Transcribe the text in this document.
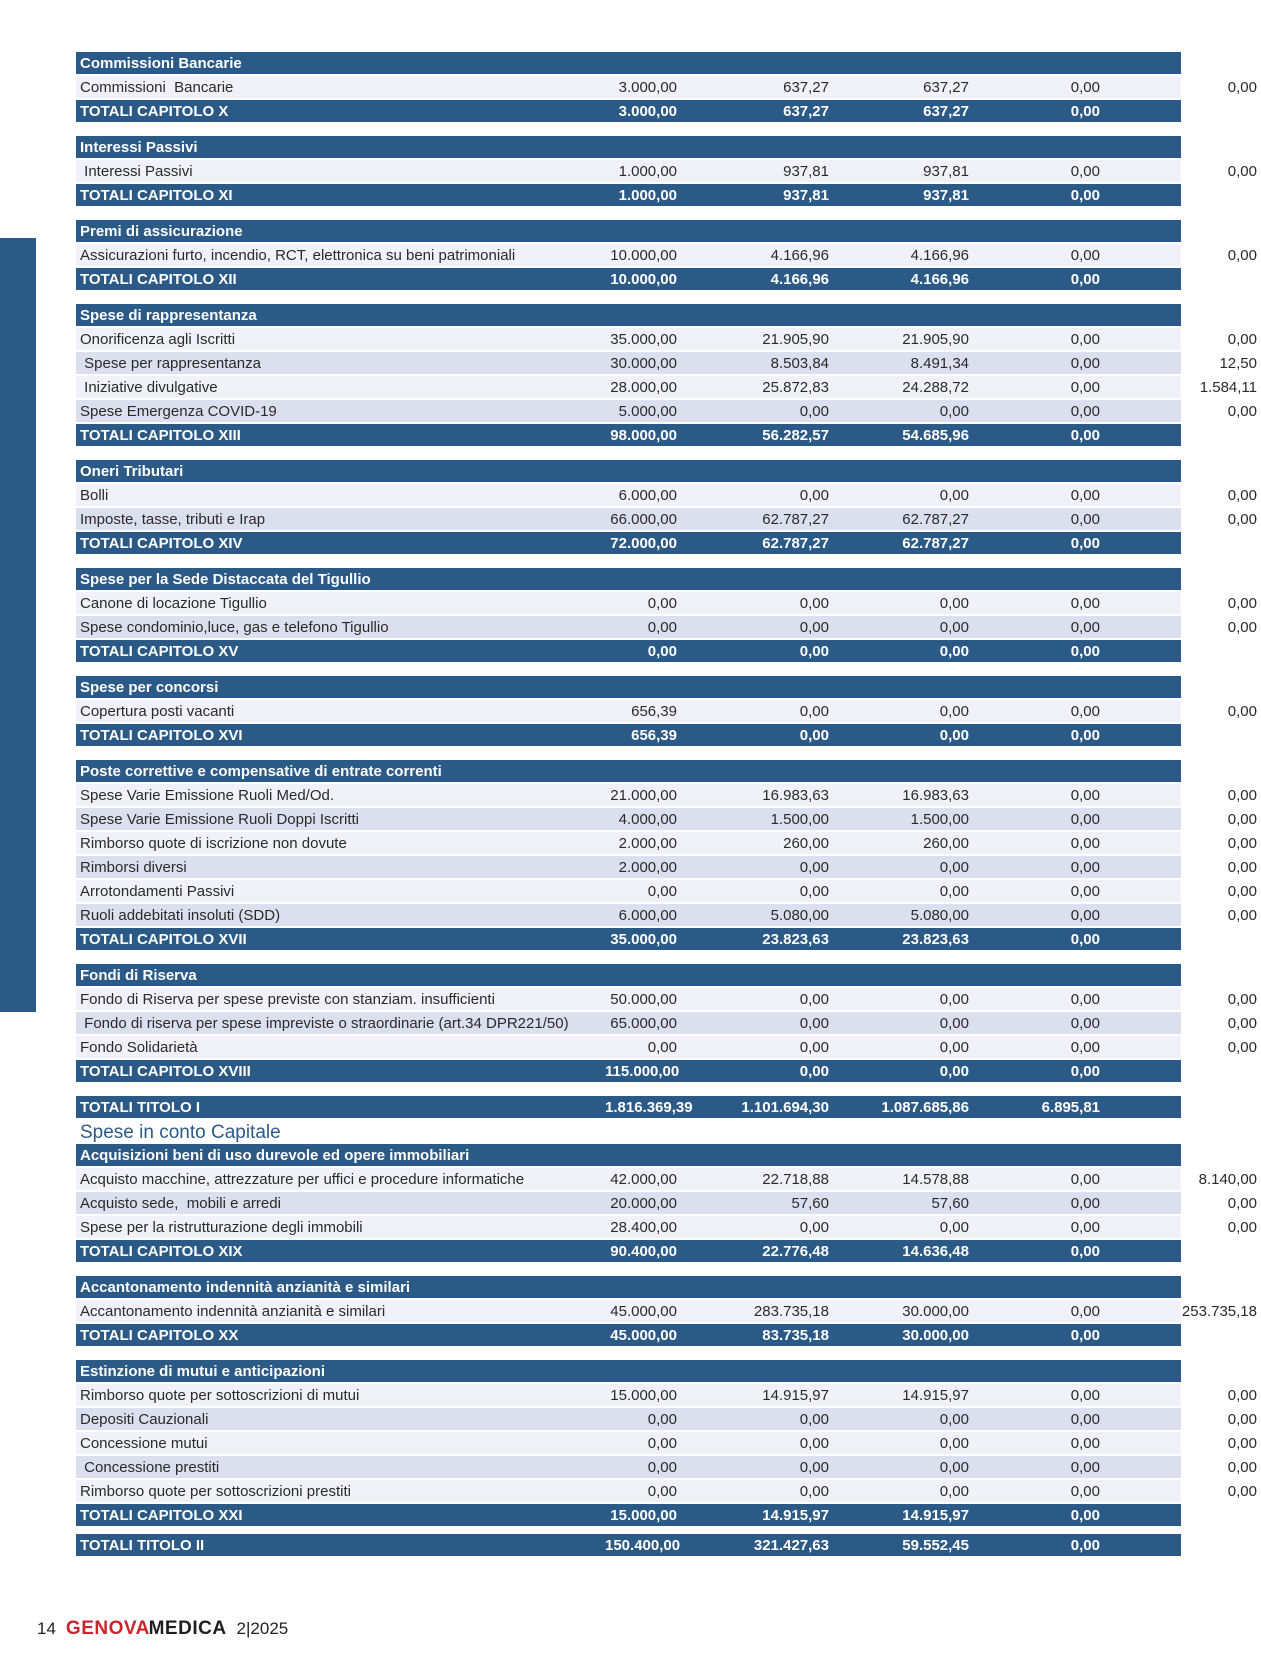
Commissioni Bancarie
Commissioni  Bancarie	3.000,00	637,27	637,27	0,00	0,00
TOTALI CAPITOLO X	3.000,00	637,27	637,27	0,00	0,00
Interessi Passivi
Interessi Passivi	1.000,00	937,81	937,81	0,00	0,00
TOTALI CAPITOLO XI	1.000,00	937,81	937,81	0,00	0,00
Premi di assicurazione
Assicurazioni furto, incendio, RCT, elettronica su beni patrimoniali	10.000,00	4.166,96	4.166,96	0,00	0,00
TOTALI CAPITOLO XII	10.000,00	4.166,96	4.166,96	0,00	0,00
Spese di rappresentanza
Onorificenza agli Iscritti	35.000,00	21.905,90	21.905,90	0,00	0,00
Spese per rappresentanza	30.000,00	8.503,84	8.491,34	0,00	12,50
Iniziative divulgative	28.000,00	25.872,83	24.288,72	0,00	1.584,11
Spese Emergenza COVID-19	5.000,00	0,00	0,00	0,00	0,00
TOTALI CAPITOLO XIII	98.000,00	56.282,57	54.685,96	0,00	1.596,61
Oneri Tributari
Bolli	6.000,00	0,00	0,00	0,00	0,00
Imposte, tasse, tributi e Irap	66.000,00	62.787,27	62.787,27	0,00	0,00
TOTALI CAPITOLO XIV	72.000,00	62.787,27	62.787,27	0,00	+0,00
Spese per la Sede Distaccata del Tigullio
Canone di locazione Tigullio	0,00	0,00	0,00	0,00	0,00
Spese condominio,luce, gas e telefono Tigullio	0,00	0,00	0,00	0,00	0,00
TOTALI CAPITOLO XV	0,00	0,00	0,00	0,00	0,00
Spese per concorsi
Copertura posti vacanti	656,39	0,00	0,00	0,00	0,00
TOTALI CAPITOLO XVI	656,39	0,00	0,00	0,00	0,00
Poste correttive e compensative di entrate correnti
Spese Varie Emissione Ruoli Med/Od.	21.000,00	16.983,63	16.983,63	0,00	0,00
Spese Varie Emissione Ruoli Doppi Iscritti	4.000,00	1.500,00	1.500,00	0,00	0,00
Rimborso quote di iscrizione non dovute	2.000,00	260,00	260,00	0,00	0,00
Rimborsi diversi	2.000,00	0,00	0,00	0,00	0,00
Arrotondamenti Passivi	0,00	0,00	0,00	0,00	0,00
Ruoli addebitati insoluti (SDD)	6.000,00	5.080,00	5.080,00	0,00	0,00
TOTALI CAPITOLO XVII	35.000,00	23.823,63	23.823,63	0,00	0,00
Fondi di Riserva
Fondo di Riserva per spese previste con stanziam. insufficienti	50.000,00	0,00	0,00	0,00	0,00
Fondo di riserva per spese impreviste o straordinarie (art.34 DPR221/50)	65.000,00	0,00	0,00	0,00	0,00
Fondo Solidarietà	0,00	0,00	0,00	0,00	0,00
TOTALI CAPITOLO XVIII	115.000,00	0,00	0,00	0,00	0,00
TOTALI TITOLO I	1.816.369,39	1.101.694,30	1.087.685,86	6.895,81	14.008,44
Spese in conto Capitale
Acquisizioni beni di uso durevole ed opere immobiliari
Acquisto macchine, attrezzature per uffici e procedure informatiche	42.000,00	22.718,88	14.578,88	0,00	8.140,00
Acquisto sede,  mobili e arredi	20.000,00	57,60	57,60	0,00	0,00
Spese per la ristrutturazione degli immobili	28.400,00	0,00	0,00	0,00	0,00
TOTALI CAPITOLO XIX	90.400,00	22.776,48	14.636,48	0,00	8.140,00
Accantonamento indennità anzianità e similari
Accantonamento indennità anzianità e similari	45.000,00	283.735,18	30.000,00	0,00	253.735,18
TOTALI CAPITOLO XX	45.000,00	83.735,18	30.000,00	0,00	253.735,18
Estinzione di mutui e anticipazioni
Rimborso quote per sottoscrizioni di mutui	15.000,00	14.915,97	14.915,97	0,00	0,00
Depositi Cauzionali	0,00	0,00	0,00	0,00	0,00
Concessione mutui	0,00	0,00	0,00	0,00	0,00
Concessione prestiti	0,00	0,00	0,00	0,00	0,00
Rimborso quote per sottoscrizioni prestiti	0,00	0,00	0,00	0,00	0,00
TOTALI CAPITOLO XXI	15.000,00	14.915,97	14.915,97	0,00	0,00
TOTALI TITOLO II	150.400,00	321.427,63	59.552,45	0,00	261.875,18
14 GENOVA MEDICA 2|2025
